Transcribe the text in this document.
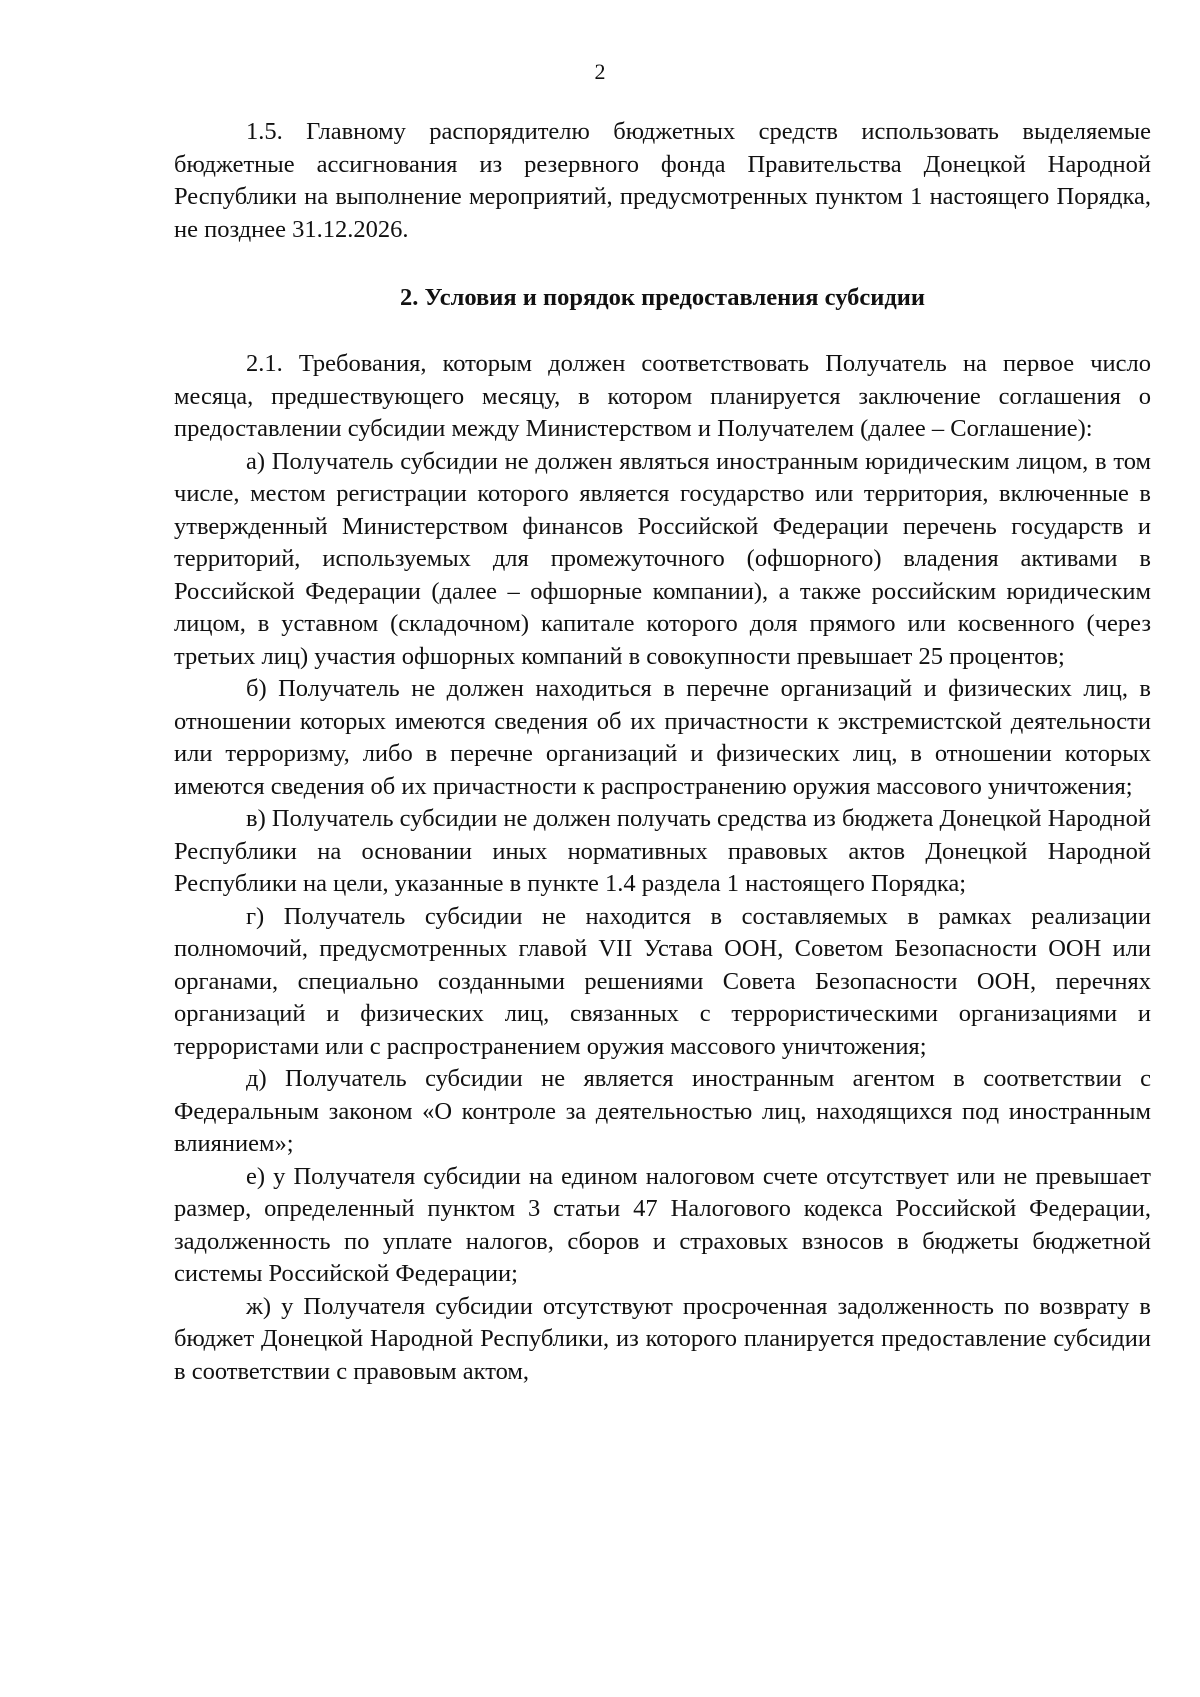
2

1.5. Главному распорядителю бюджетных средств использовать выделяемые бюджетные ассигнования из резервного фонда Правительства Донецкой Народной Республики на выполнение мероприятий, предусмотренных пунктом 1 настоящего Порядка, не позднее 31.12.2026.

2. Условия и порядок предоставления субсидии

2.1. Требования, которым должен соответствовать Получатель на первое число месяца, предшествующего месяцу, в котором планируется заключение соглашения о предоставлении субсидии между Министерством и Получателем (далее – Соглашение):

а) Получатель субсидии не должен являться иностранным юридическим лицом, в том числе, местом регистрации которого является государство или территория, включенные в утвержденный Министерством финансов Российской Федерации перечень государств и территорий, используемых для промежуточного (офшорного) владения активами в Российской Федерации (далее – офшорные компании), а также российским юридическим лицом, в уставном (складочном) капитале которого доля прямого или косвенного (через третьих лиц) участия офшорных компаний в совокупности превышает 25 процентов;

б) Получатель не должен находиться в перечне организаций и физических лиц, в отношении которых имеются сведения об их причастности к экстремистской деятельности или терроризму, либо в перечне организаций и физических лиц, в отношении которых имеются сведения об их причастности к распространению оружия массового уничтожения;

в) Получатель субсидии не должен получать средства из бюджета Донецкой Народной Республики на основании иных нормативных правовых актов Донецкой Народной Республики на цели, указанные в пункте 1.4 раздела 1 настоящего Порядка;

г) Получатель субсидии не находится в составляемых в рамках реализации полномочий, предусмотренных главой VII Устава ООН, Советом Безопасности ООН или органами, специально созданными решениями Совета Безопасности ООН, перечнях организаций и физических лиц, связанных с террористическими организациями и террористами или с распространением оружия массового уничтожения;

д) Получатель субсидии не является иностранным агентом в соответствии с Федеральным законом «О контроле за деятельностью лиц, находящихся под иностранным влиянием»;

е) у Получателя субсидии на едином налоговом счете отсутствует или не превышает размер, определенный пунктом 3 статьи 47 Налогового кодекса Российской Федерации, задолженность по уплате налогов, сборов и страховых взносов в бюджеты бюджетной системы Российской Федерации;

ж) у Получателя субсидии отсутствуют просроченная задолженность по возврату в бюджет Донецкой Народной Республики, из которого планируется предоставление субсидии в соответствии с правовым актом,
